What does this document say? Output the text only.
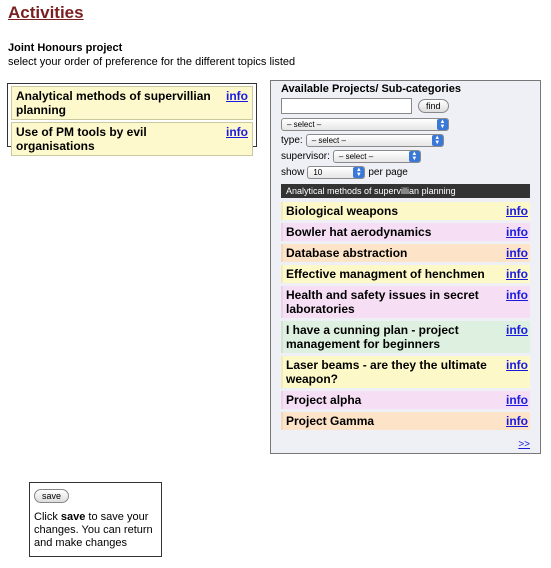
Activities
Joint Honours project
select your order of preference for the different topics listed
Analytical methods of supervillian planning
info
Use of PM tools by evil organisations
info
Available Projects/ Sub-categories
find
– select –	▲
▼
type: – select –	▲
▼
supervisor: – select –	▲
▼
show 10	▲
▼ per page
Analytical methods of supervillian planning
Biological weapons	info
Bowler hat aerodynamics	info
Database abstraction	info
Effective managment of henchmen	info
Health and safety issues in secret laboratories
info
I have a cunning plan - project management for beginners
info
Laser beams - are they the ultimate weapon?
info
Project alpha	info
Project Gamma	info
>>
save
Click save to save your changes. You can return and make changes
